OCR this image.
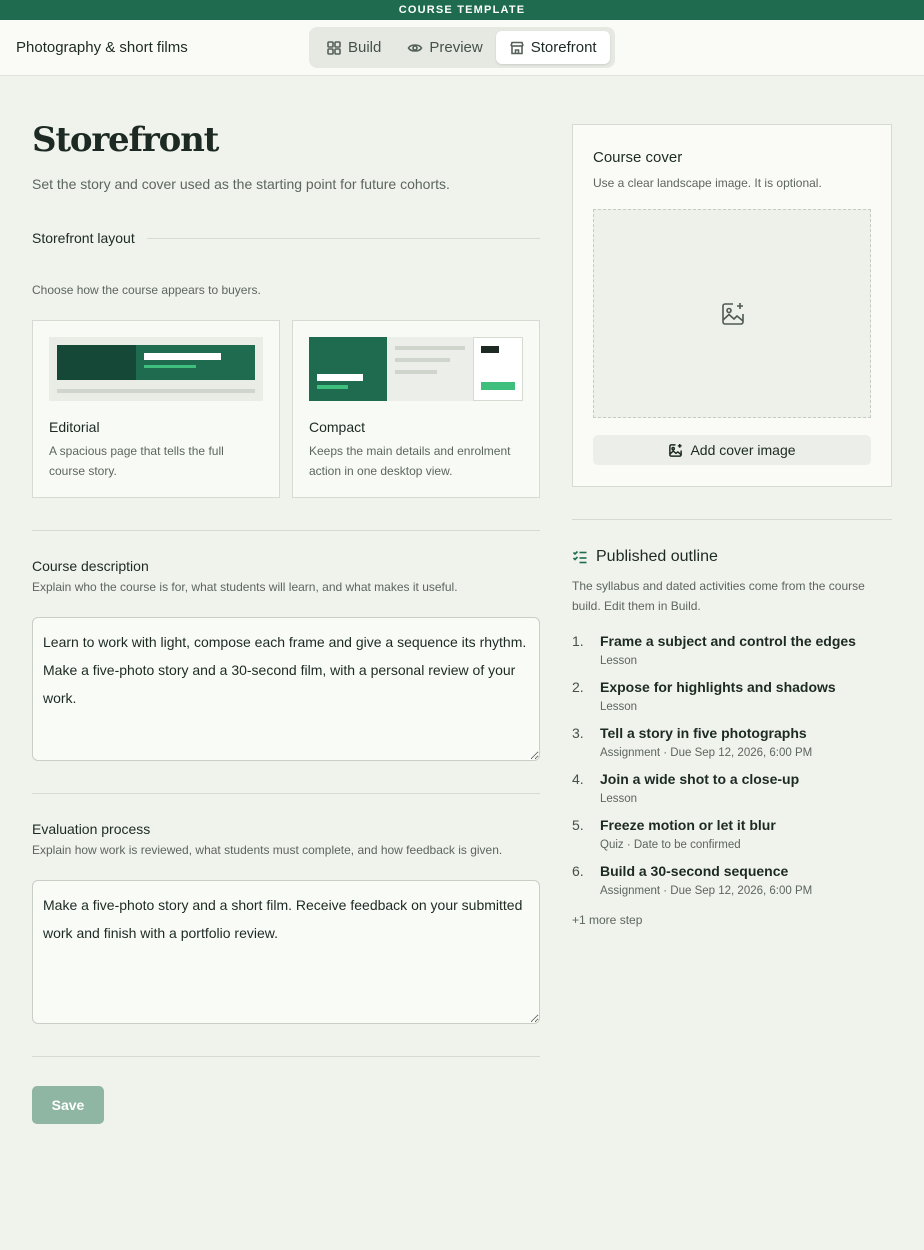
COURSE TEMPLATE
Photography & short films	Build	Preview	Storefront
Storefront

Set the story and cover used as the starting point for future cohorts.

Storefront layout

Choose how the course appears to buyers.

Editorial
A spacious page that tells the full course story.
Compact
Keeps the main details and enrolment action in one desktop view.
Course description

Explain who the course is for, what students will learn, and what makes it useful.

Learn to work with light, compose each frame and give a sequence its rhythm. Make a five-photo story and a 30-second film, with a personal review of your work.
Evaluation process

Explain how work is reviewed, what students must complete, and how feedback is given.

Make a five-photo story and a short film. Receive feedback on your submitted work and finish with a portfolio review.
Save
Course cover
Use a clear landscape image. It is optional.
Add cover image
Published outline

The syllabus and dated activities come from the course build. Edit them in Build.

1. Frame a subject and control the edges
Lesson
2. Expose for highlights and shadows
Lesson
3. Tell a story in five photographs
Assignment · Due Sep 12, 2026, 6:00 PM
4. Join a wide shot to a close-up
Lesson
5. Freeze motion or let it blur
Quiz · Date to be confirmed
6. Build a 30-second sequence
Assignment · Due Sep 12, 2026, 6:00 PM
+1 more step
